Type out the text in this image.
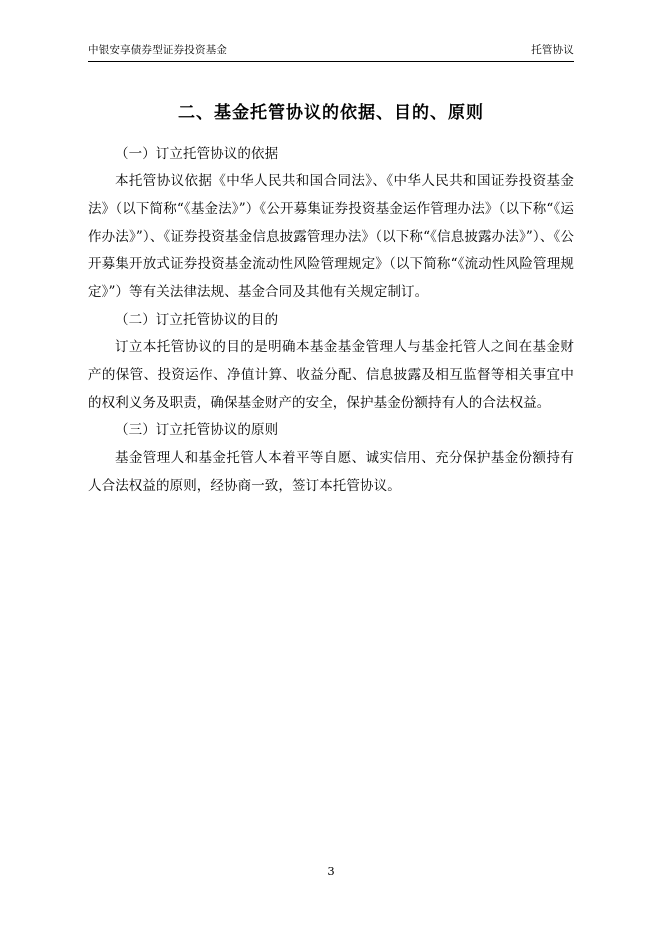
中银安享债券型证券投资基金	托管协议
二、基金托管协议的依据、目的、原则

（一）订立托管协议的依据

本托管协议依据《中华人民共和国合同法》、《中华人民共和国证券投资基金法》（以下简称“《基金法》”）《公开募集证券投资基金运作管理办法》（以下称“《运作办法》”）、《证券投资基金信息披露管理办法》（以下称“《信息披露办法》”）、《公开募集开放式证券投资基金流动性风险管理规定》（以下简称“《流动性风险管理规定》”）等有关法律法规、基金合同及其他有关规定制订。

（二）订立托管协议的目的

订立本托管协议的目的是明确本基金基金管理人与基金托管人之间在基金财产的保管、投资运作、净值计算、收益分配、信息披露及相互监督等相关事宜中的权利义务及职责，确保基金财产的安全，保护基金份额持有人的合法权益。

（三）订立托管协议的原则

基金管理人和基金托管人本着平等自愿、诚实信用、充分保护基金份额持有人合法权益的原则，经协商一致，签订本托管协议。

3
